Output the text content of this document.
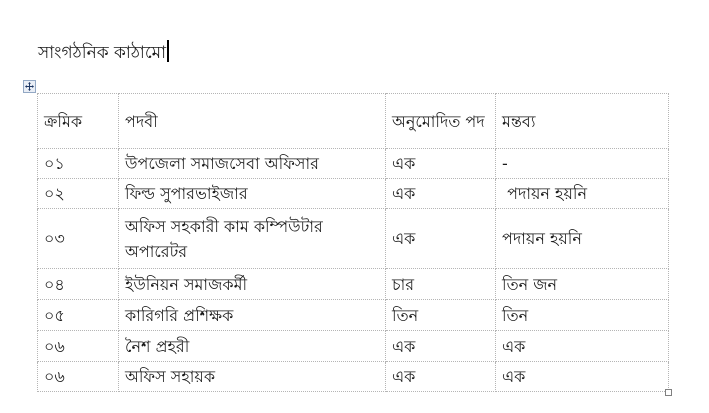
সাংগঠনিক কাঠামো
ক্রমিক	পদবী	অনুমোদিত পদ	মন্তব্য
০১	উপজেলা সমাজসেবা অফিসার	এক	-
০২	ফিল্ড সুপারভাইজার	এক	পদায়ন হয়নি
০৩	অফিস সহকারী কাম কম্পিউটার অপারেটর	এক	পদায়ন হয়নি
০৪	ইউনিয়ন সমাজকর্মী	চার	তিন জন
০৫	কারিগরি প্রশিক্ষক	তিন	তিন
০৬	নৈশ প্রহরী	এক	এক
০৬	অফিস সহায়ক	এক	এক
